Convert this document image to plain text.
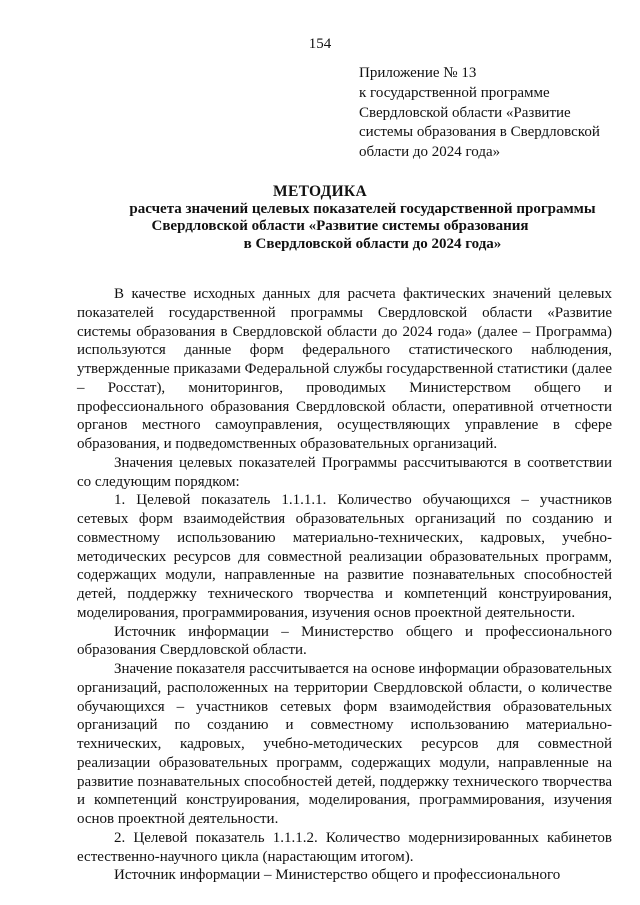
154
Приложение № 13
к государственной программе
Свердловской области «Развитие
системы образования в Свердловской
области до 2024 года»
МЕТОДИКА
расчета значений целевых показателей государственной программы
Свердловской области «Развитие системы образования
в Свердловской области до 2024 года»

В качестве исходных данных для расчета фактических значений целевых показателей государственной программы Свердловской области «Развитие системы образования в Свердловской области до 2024 года» (далее – Программа) используются данные форм федерального статистического наблюдения, утвержденные приказами Федеральной службы государственной статистики (далее – Росстат), мониторингов, проводимых Министерством общего и профессионального образования Свердловской области, оперативной отчетности органов местного самоуправления, осуществляющих управление в сфере образования, и подведомственных образовательных организаций.

Значения целевых показателей Программы рассчитываются в соответствии со следующим порядком:

1. Целевой показатель 1.1.1.1. Количество обучающихся – участников сетевых форм взаимодействия образовательных организаций по созданию и совместному использованию материально-технических, кадровых, учебно-методических ресурсов для совместной реализации образовательных программ, содержащих модули, направленные на развитие познавательных способностей детей, поддержку технического творчества и компетенций конструирования, моделирования, программирования, изучения основ проектной деятельности.

Источник информации – Министерство общего и профессионального образования Свердловской области.

Значение показателя рассчитывается на основе информации образовательных организаций, расположенных на территории Свердловской области, о количестве обучающихся – участников сетевых форм взаимодействия образовательных организаций по созданию и совместному использованию материально-технических, кадровых, учебно-методических ресурсов для совместной реализации образовательных программ, содержащих модули, направленные на развитие познавательных способностей детей, поддержку технического творчества и компетенций конструирования, моделирования, программирования, изучения основ проектной деятельности.

2. Целевой показатель 1.1.1.2. Количество модернизированных кабинетов естественно-научного цикла (нарастающим итогом).

Источник информации – Министерство общего и профессионального
